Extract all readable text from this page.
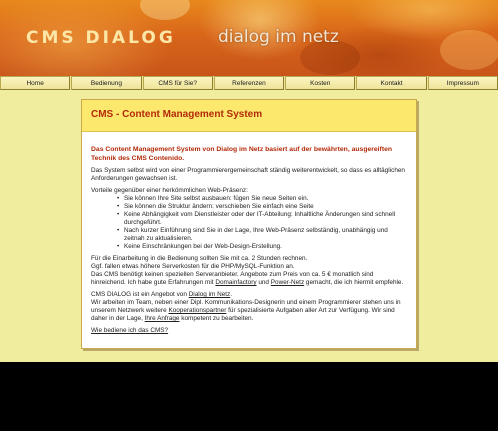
CMS DIALOG dialog im netz
Home	Bedienung	CMS für Sie?	Referenzen	Kosten	Kontakt	Impressum
CMS - Content Management System

Das Content Management System von Dialog im Netz basiert auf der bewährten, ausgereiften Technik des CMS Contenido.

Das System selbst wird von einer Programmierergemeinschaft ständig weiterentwickelt, so dass es alltäglichen Anforderungen gewachsen ist.

Vorteile gegenüber einer herkömmlichen Web-Präsenz:

• Sie können Ihre Site selbst ausbauen: fügen Sie neue Seiten ein.
• Sie können die Struktur ändern: verschieben Sie einfach eine Seite
• Keine Abhängigkeit vom Dienstleister oder der IT-Abteilung: Inhaltliche Änderungen sind schnell durchgeführt.
• Nach kurzer Einführung sind Sie in der Lage, Ihre Web-Präsenz selbständig, unabhängig und zeitnah zu aktualisieren.
• Keine Einschränkungen bei der Web-Design-Erstellung.

Für die Einarbeitung in die Bedienung sollten Sie mit ca. 2 Stunden rechnen.
Ggf. fallen etwas höhere Serverkosten für die PHP/MySQL-Funktion an.
Das CMS benötigt keinen speziellen Serveranbieter. Angebote zum Preis von ca. 5 € monatlich sind hinreichend. Ich habe gute Erfahrungen mit Domainfactory und Power-Netz gemacht, die ich hiermit empfehle.

CMS DIALOG ist ein Angebot von Dialog im Netz.
Wir arbeiten im Team, neben einer Dipl. Kommunikations-Designerin und einem Programmierer stehen uns in unserem Netzwerk weitere Kooperationspartner für spezialisierte Aufgaben aller Art zur Verfügung. Wir sind daher in der Lage, Ihre Anfrage kompetent zu bearbeiten.

Wie bediene ich das CMS?
